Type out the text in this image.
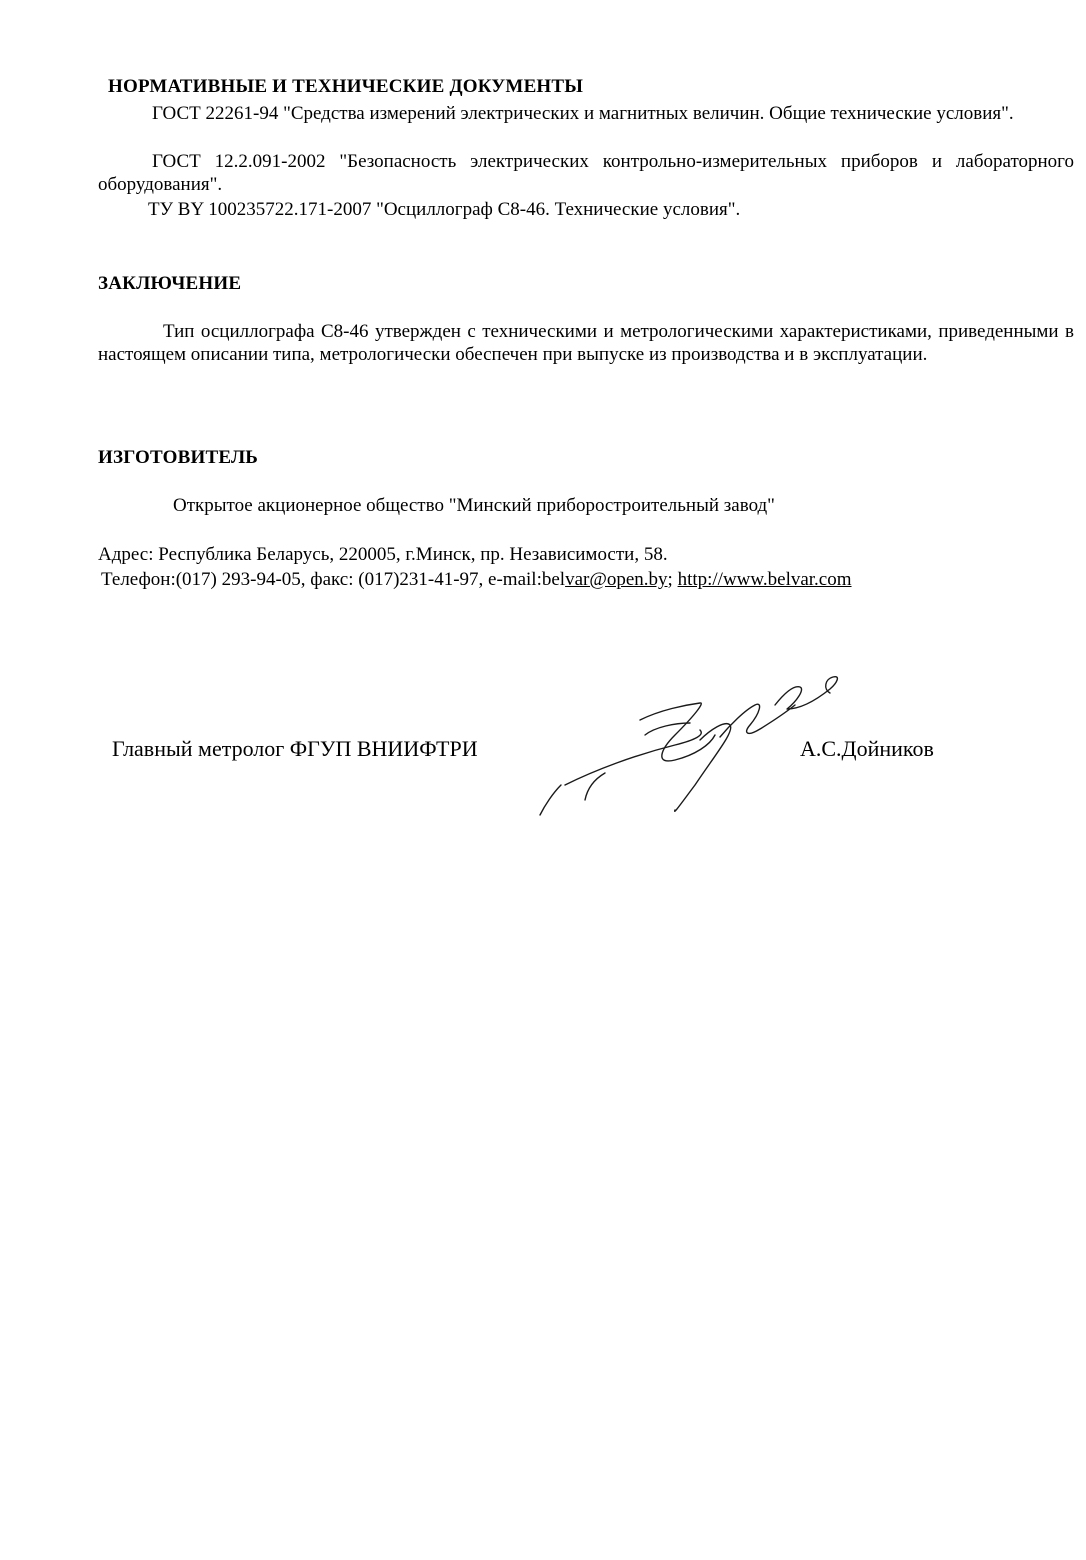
НОРМАТИВНЫЕ И ТЕХНИЧЕСКИЕ ДОКУМЕНТЫ
ГОСТ 22261-94 "Средства измерений электрических и магнитных величин. Общие технические условия".
ГОСТ 12.2.091-2002 "Безопасность электрических контрольно-измерительных приборов и лабораторного оборудования".
ТУ BY 100235722.171-2007 "Осциллограф С8-46. Технические условия".
ЗАКЛЮЧЕНИЕ
Тип осциллографа С8-46 утвержден с техническими и метрологическими характеристиками, приведенными в настоящем описании типа, метрологически обеспечен при выпуске из производства и в эксплуатации.
ИЗГОТОВИТЕЛЬ
Открытое акционерное общество "Минский приборостроительный завод"
Адрес: Республика Беларусь, 220005, г.Минск, пр. Независимости, 58.
Телефон:(017) 293-94-05, факс: (017)231-41-97, e-mail:belvar@open.by; http://www.belvar.com
Главный метролог ФГУП ВНИИФТРИ	А.С.Дойников
